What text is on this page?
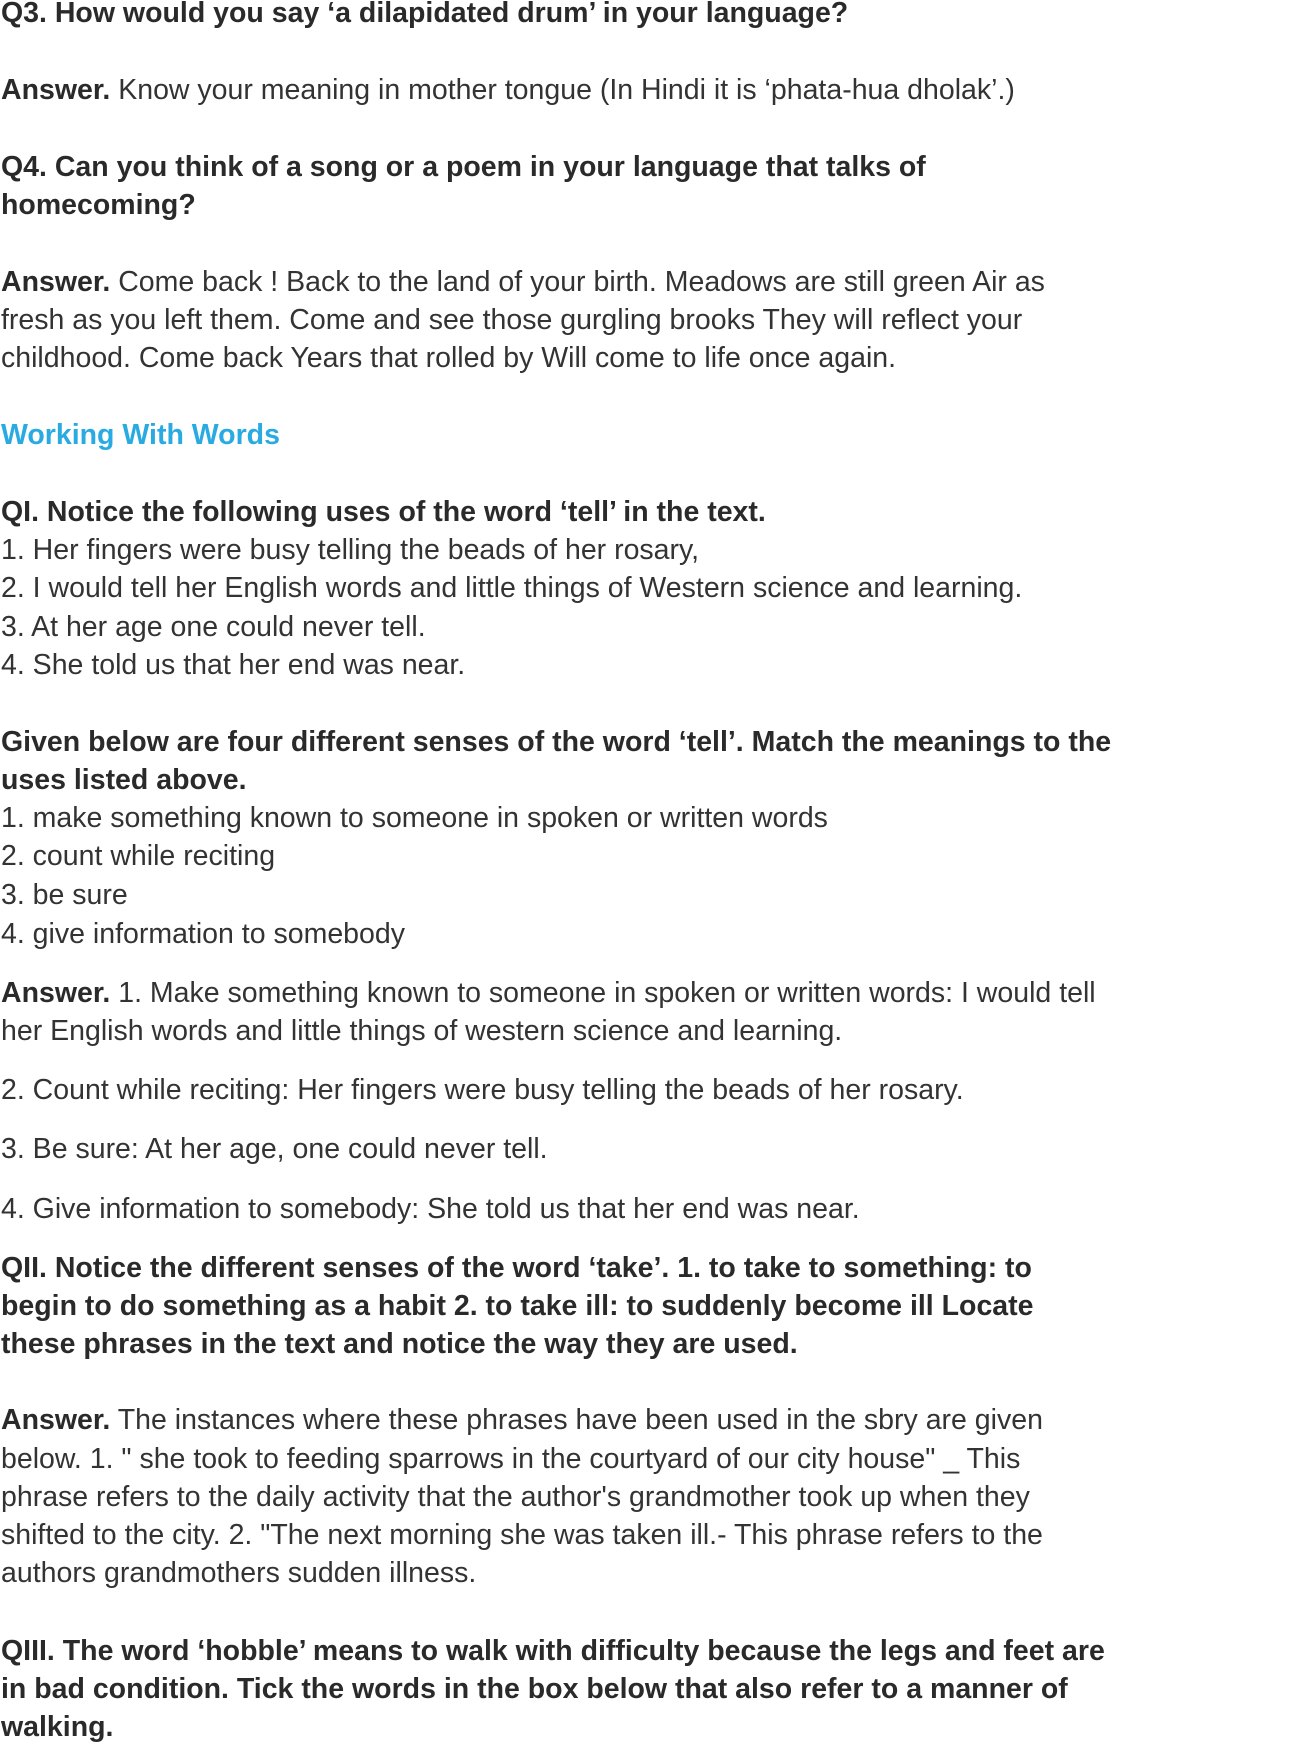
Q3. How would you say ‘a dilapidated drum’ in your language?
Answer. Know your meaning in mother tongue (In Hindi it is ‘phata-hua dholak’.)
Q4. Can you think of a song or a poem in your language that talks of
homecoming?
Answer. Come back ! Back to the land of your birth. Meadows are still green Air as
fresh as you left them. Come and see those gurgling brooks They will reflect your
childhood. Come back Years that rolled by Will come to life once again.
Working With Words
QI. Notice the following uses of the word ‘tell’ in the text.
1. Her fingers were busy telling the beads of her rosary,
2. I would tell her English words and little things of Western science and learning.
3. At her age one could never tell.
4. She told us that her end was near.
Given below are four different senses of the word ‘tell’. Match the meanings to the
uses listed above.
1. make something known to someone in spoken or written words
2. count while reciting
3. be sure
4. give information to somebody
Answer. 1. Make something known to someone in spoken or written words: I would tell
her English words and little things of western science and learning.
2. Count while reciting: Her fingers were busy telling the beads of her rosary.
3. Be sure: At her age, one could never tell.
4. Give information to somebody: She told us that her end was near.
QII. Notice the different senses of the word ‘take’. 1. to take to something: to
begin to do something as a habit 2. to take ill: to suddenly become ill Locate
these phrases in the text and notice the way they are used.
Answer. The instances where these phrases have been used in the sbry are given
below. 1. " she took to feeding sparrows in the courtyard of our city house" _ This
phrase refers to the daily activity that the author's grandmother took up when they
shifted to the city. 2. "The next morning she was taken ill.- This phrase refers to the
authors grandmothers sudden illness.
QIII. The word ‘hobble’ means to walk with difficulty because the legs and feet are
in bad condition. Tick the words in the box below that also refer to a manner of
walking.
